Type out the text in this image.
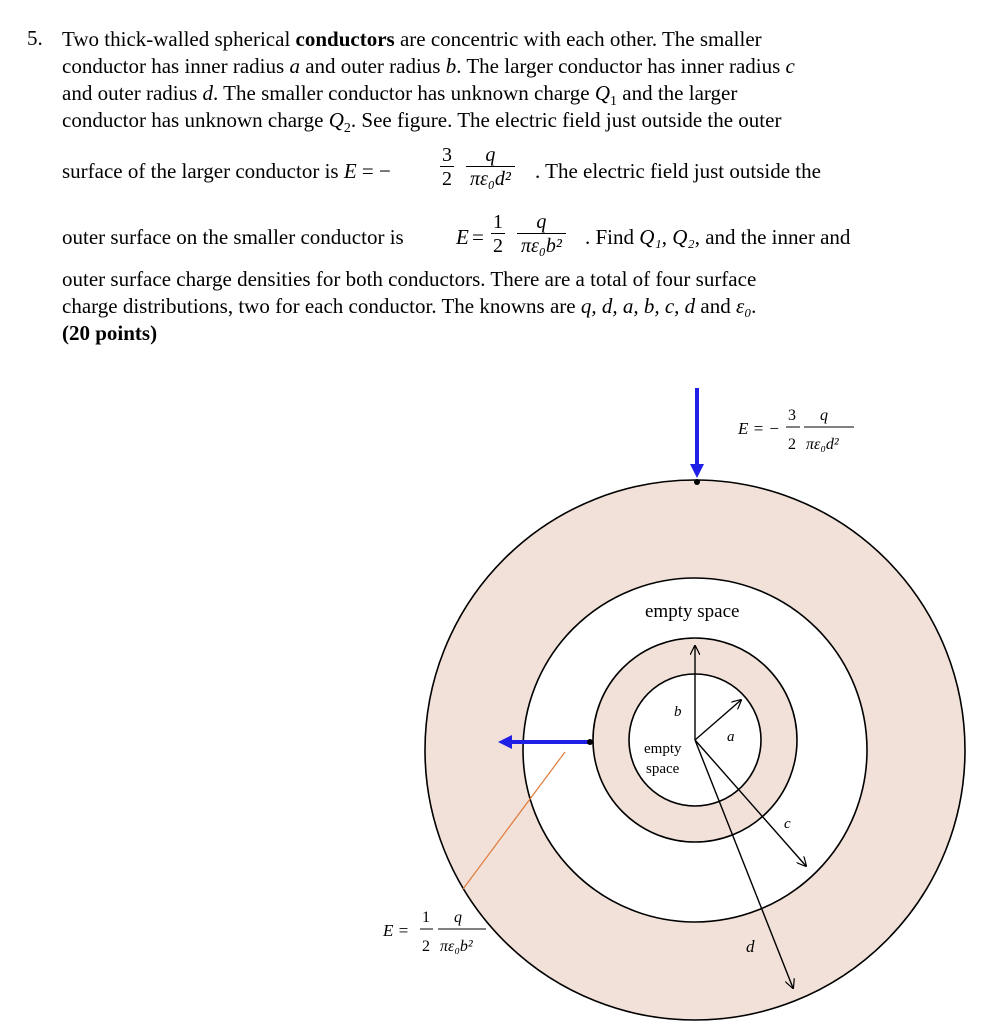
5. Two thick-walled spherical conductors are concentric with each other. The smaller
conductor has inner radius a and outer radius b. The larger conductor has inner radius c
and outer radius d. The smaller conductor has unknown charge $Q_1$ and the larger
conductor has unknown charge $Q_2$. See figure. The electric field just outside the outer
surface of the larger conductor is E = − $\frac{3}{2} \frac{q}{\text{πε₀d²}}$ . The electric field just outside the
outer surface on the smaller conductor is $E = \frac{1}{2} \frac{q}{\text{πε₀b²}}$ . Find Q₁, Q₂, and the inner and
outer surface charge densities for both conductors. There are a total of four surface
charge distributions, two for each conductor. The knowns are q, d, a, b, c, d and ε₀.
(20 points)
empty space
empty
space
b
a
c
d
E = −
3
2
q
πε₀d²
E =
1
2
q
πε₀b²
